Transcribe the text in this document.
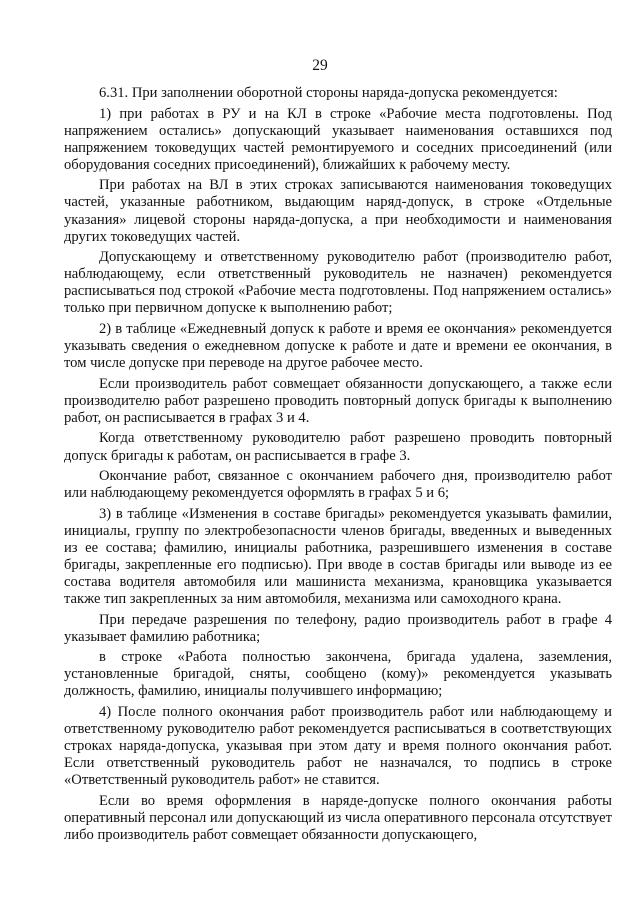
29

6.31. При заполнении оборотной стороны наряда-допуска рекомендуется:

1) при работах в РУ и на КЛ в строке «Рабочие места подготовлены. Под напряжением остались» допускающий указывает наименования оставшихся под напряжением токоведущих частей ремонтируемого и соседних присоединений (или оборудования соседних присоединений), ближайших к рабочему месту.

При работах на ВЛ в этих строках записываются наименования токоведущих частей, указанные работником, выдающим наряд-допуск, в строке «Отдельные указания» лицевой стороны наряда-допуска, а при необходимости и наименования других токоведущих частей.

Допускающему и ответственному руководителю работ (производителю работ, наблюдающему, если ответственный руководитель не назначен) рекомендуется расписываться под строкой «Рабочие места подготовлены. Под напряжением остались» только при первичном допуске к выполнению работ;

2) в таблице «Ежедневный допуск к работе и время ее окончания» рекомендуется указывать сведения о ежедневном допуске к работе и дате и времени ее окончания, в том числе допуске при переводе на другое рабочее место.

Если производитель работ совмещает обязанности допускающего, а также если производителю работ разрешено проводить повторный допуск бригады к выполнению работ, он расписывается в графах 3 и 4.

Когда ответственному руководителю работ разрешено проводить повторный допуск бригады к работам, он расписывается в графе 3.

Окончание работ, связанное с окончанием рабочего дня, производителю работ или наблюдающему рекомендуется оформлять в графах 5 и 6;

3) в таблице «Изменения в составе бригады» рекомендуется указывать фамилии, инициалы, группу по электробезопасности членов бригады, введенных и выведенных из ее состава; фамилию, инициалы работника, разрешившего изменения в составе бригады, закрепленные его подписью). При вводе в состав бригады или выводе из ее состава водителя автомобиля или машиниста механизма, крановщика указывается также тип закрепленных за ним автомобиля, механизма или самоходного крана.

При передаче разрешения по телефону, радио производитель работ в графе 4 указывает фамилию работника;

в строке «Работа полностью закончена, бригада удалена, заземления, установленные бригадой, сняты, сообщено (кому)» рекомендуется указывать должность, фамилию, инициалы получившего информацию;

4) После полного окончания работ производитель работ или наблюдающему и ответственному руководителю работ рекомендуется расписываться в соответствующих строках наряда-допуска, указывая при этом дату и время полного окончания работ. Если ответственный руководитель работ не назначался, то подпись в строке «Ответственный руководитель работ» не ставится.

Если во время оформления в наряде-допуске полного окончания работы оперативный персонал или допускающий из числа оперативного персонала отсутствует либо производитель работ совмещает обязанности допускающего,
